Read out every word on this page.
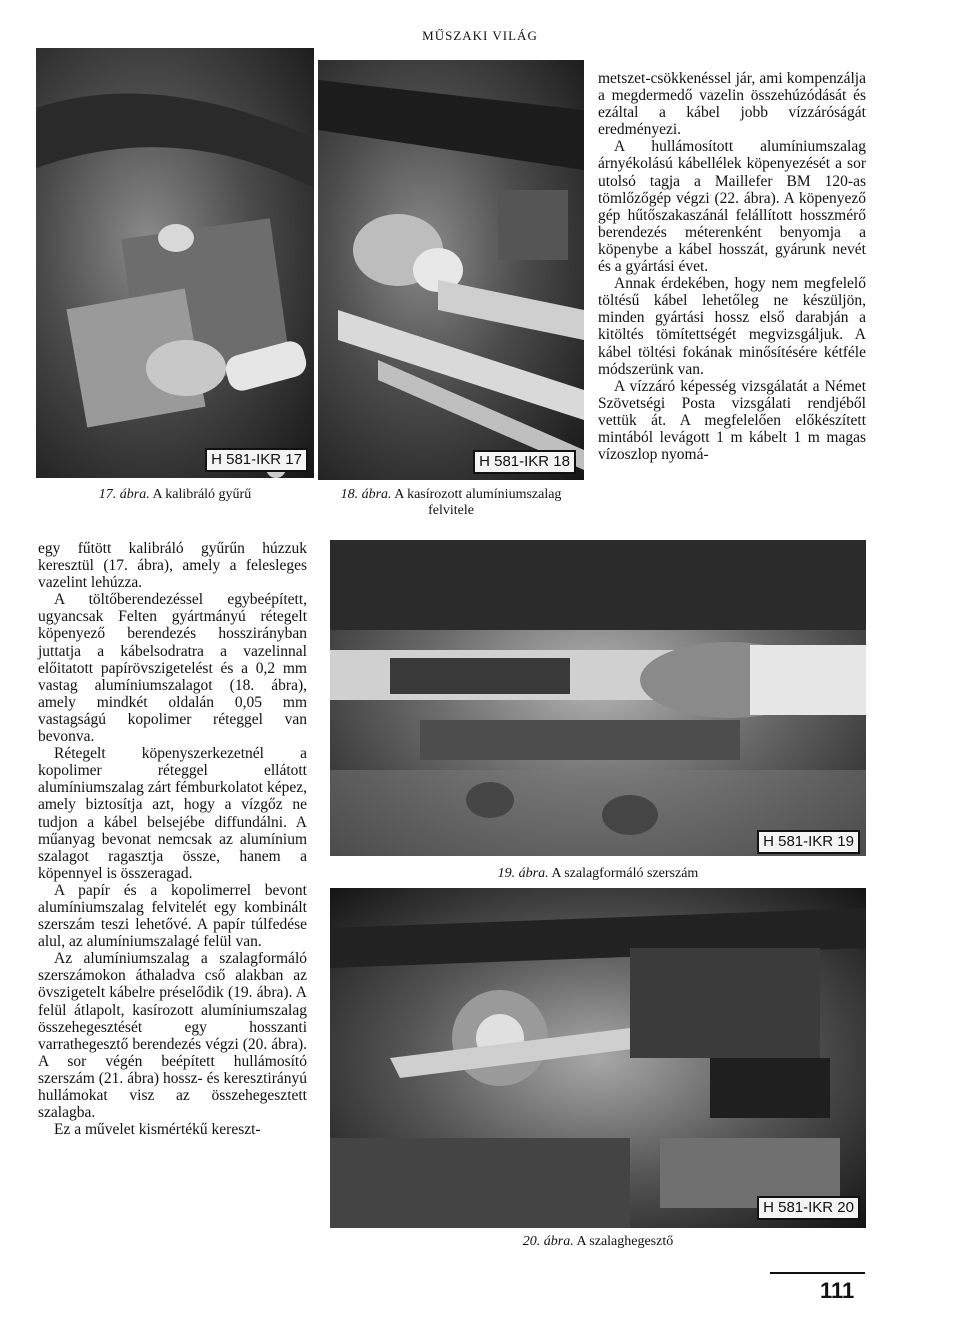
MŰSZAKI VILÁG
H 581-IKR 17
17. ábra. A kalibráló gyűrű
H 581-IKR 18
18. ábra. A kasírozott alumíniumszalag felvitele

metszet-csökkenéssel jár, ami kompenzálja a megdermedő vazelin összehúzódását és ezáltal a kábel jobb vízzáróságát eredményezi.

A hullámosított alumíniumszalag árnyékolású kábellélek köpenyezését a sor utolsó tagja a Maillefer BM 120-as tömlőzőgép végzi (22. ábra). A köpenyező gép hűtőszakaszánál felállított hosszmérő berendezés méterenként benyomja a köpenybe a kábel hosszát, gyárunk nevét és a gyártási évet.

Annak érdekében, hogy nem megfelelő töltésű kábel lehetőleg ne készüljön, minden gyártási hossz első darabján a kitöltés tömítettségét megvizsgáljuk. A kábel töltési fokának minősítésére kétféle módszerünk van.

A vízzáró képesség vizsgálatát a Német Szövetségi Posta vizsgálati rendjéből vettük át. A megfelelően előkészített mintából levágott 1 m kábelt 1 m magas vízoszlop nyomá-

egy fűtött kalibráló gyűrűn húzzuk keresztül (17. ábra), amely a felesleges vazelint lehúzza.

A töltőberendezéssel egybeépített, ugyancsak Felten gyártmányú rétegelt köpenyező berendezés hosszirányban juttatja a kábelsodratra a vazelinnal előitatott papírövszigetelést és a 0,2 mm vastag alumíniumszalagot (18. ábra), amely mindkét oldalán 0,05 mm vastagságú kopolimer réteggel van bevonva.

Rétegelt köpenyszerkezetnél a kopolimer réteggel ellátott alumíniumszalag zárt fémburkolatot képez, amely biztosítja azt, hogy a vízgőz ne tudjon a kábel belsejébe diffundálni. A műanyag bevonat nemcsak az alumínium szalagot ragasztja össze, hanem a köpennyel is összeragad.

A papír és a kopolimerrel bevont alumíniumszalag felvitelét egy kombinált szerszám teszi lehetővé. A papír túlfedése alul, az alumíniumszalagé felül van.

Az alumíniumszalag a szalagformáló szerszámokon áthaladva cső alakban az övszigetelt kábelre préselődik (19. ábra). A felül átlapolt, kasírozott alumíniumszalag összehegesztését egy hosszanti varrathegesztő berendezés végzi (20. ábra). A sor végén beépített hullámosító szerszám (21. ábra) hossz- és keresztirányú hullámokat visz az összehegesztett szalagba.

Ez a művelet kismértékű kereszt-

H 581-IKR 19
19. ábra. A szalagformáló szerszám
H 581-IKR 20
20. ábra. A szalaghegesztő
111
